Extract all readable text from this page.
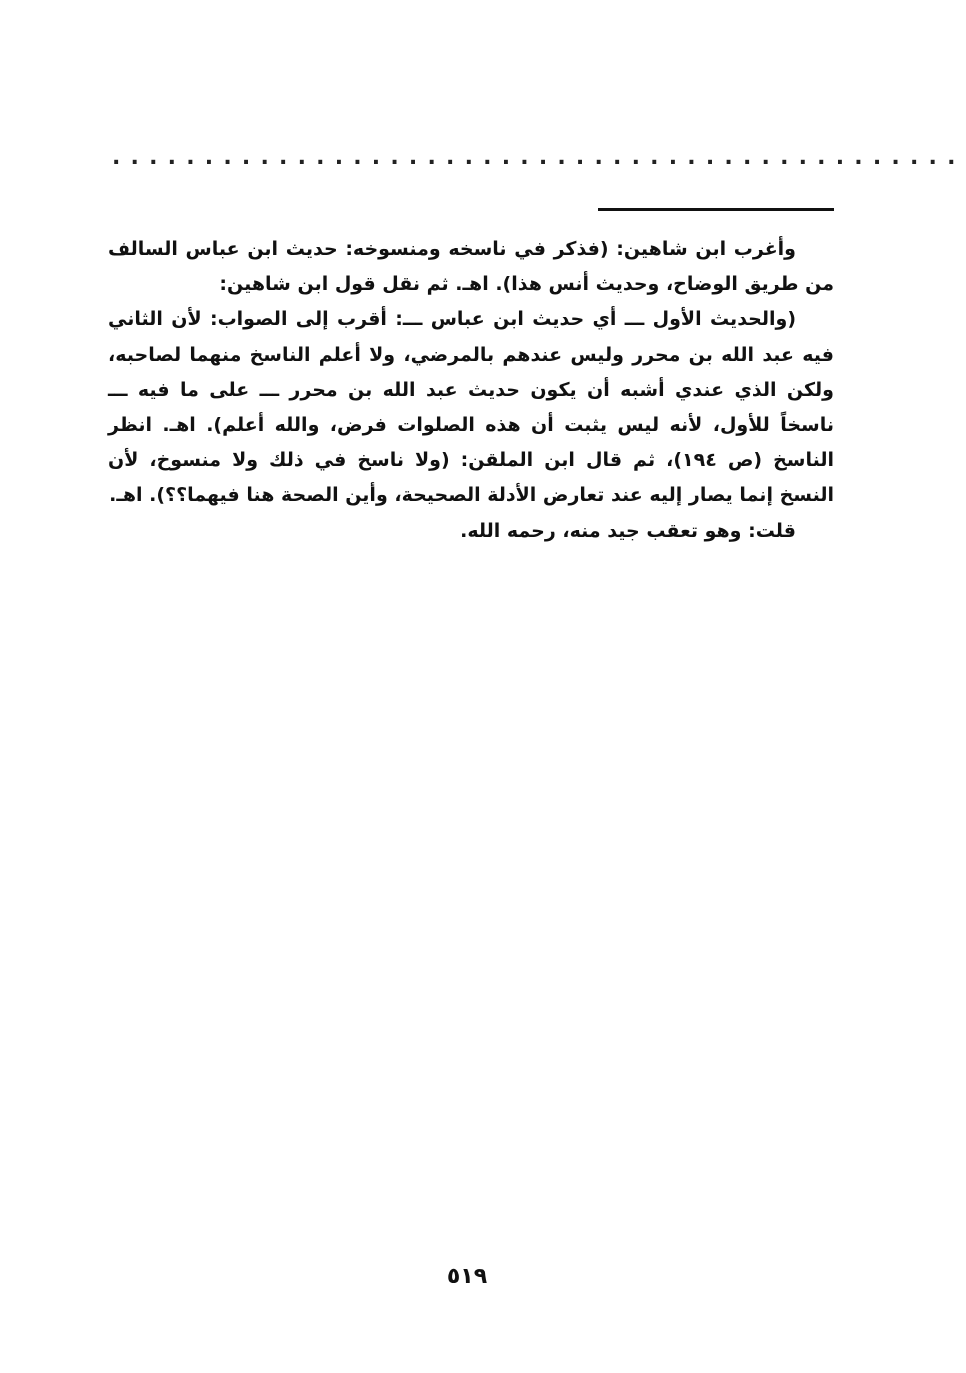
..............................................

وأغرب ابن شاهين: (فذكر في ناسخه ومنسوخه: حديث ابن عباس السالف من طريق الوضاح، وحديث أنس هذا). اهـ. ثم نقل قول ابن شاهين:

(والحديث الأول ـــ أي حديث ابن عباس ـــ: أقرب إلى الصواب: لأن الثاني فيه عبد الله بن محرر وليس عندهم بالمرضي، ولا أعلم الناسخ منهما لصاحبه، ولكن الذي عندي أشبه أن يكون حديث عبد الله بن محرر ـــ على ما فيه ـــ ناسخاً للأول، لأنه ليس يثبت أن هذه الصلوات فرض، والله أعلم). اهـ. انظر الناسخ (ص ١٩٤)، ثم قال ابن الملقن: (ولا ناسخ في ذلك ولا منسوخ، لأن النسخ إنما يصار إليه عند تعارض الأدلة الصحيحة، وأين الصحة هنا فيهما؟؟). اهـ.

قلت: وهو تعقب جيد منه، رحمه الله.

٥١٩
